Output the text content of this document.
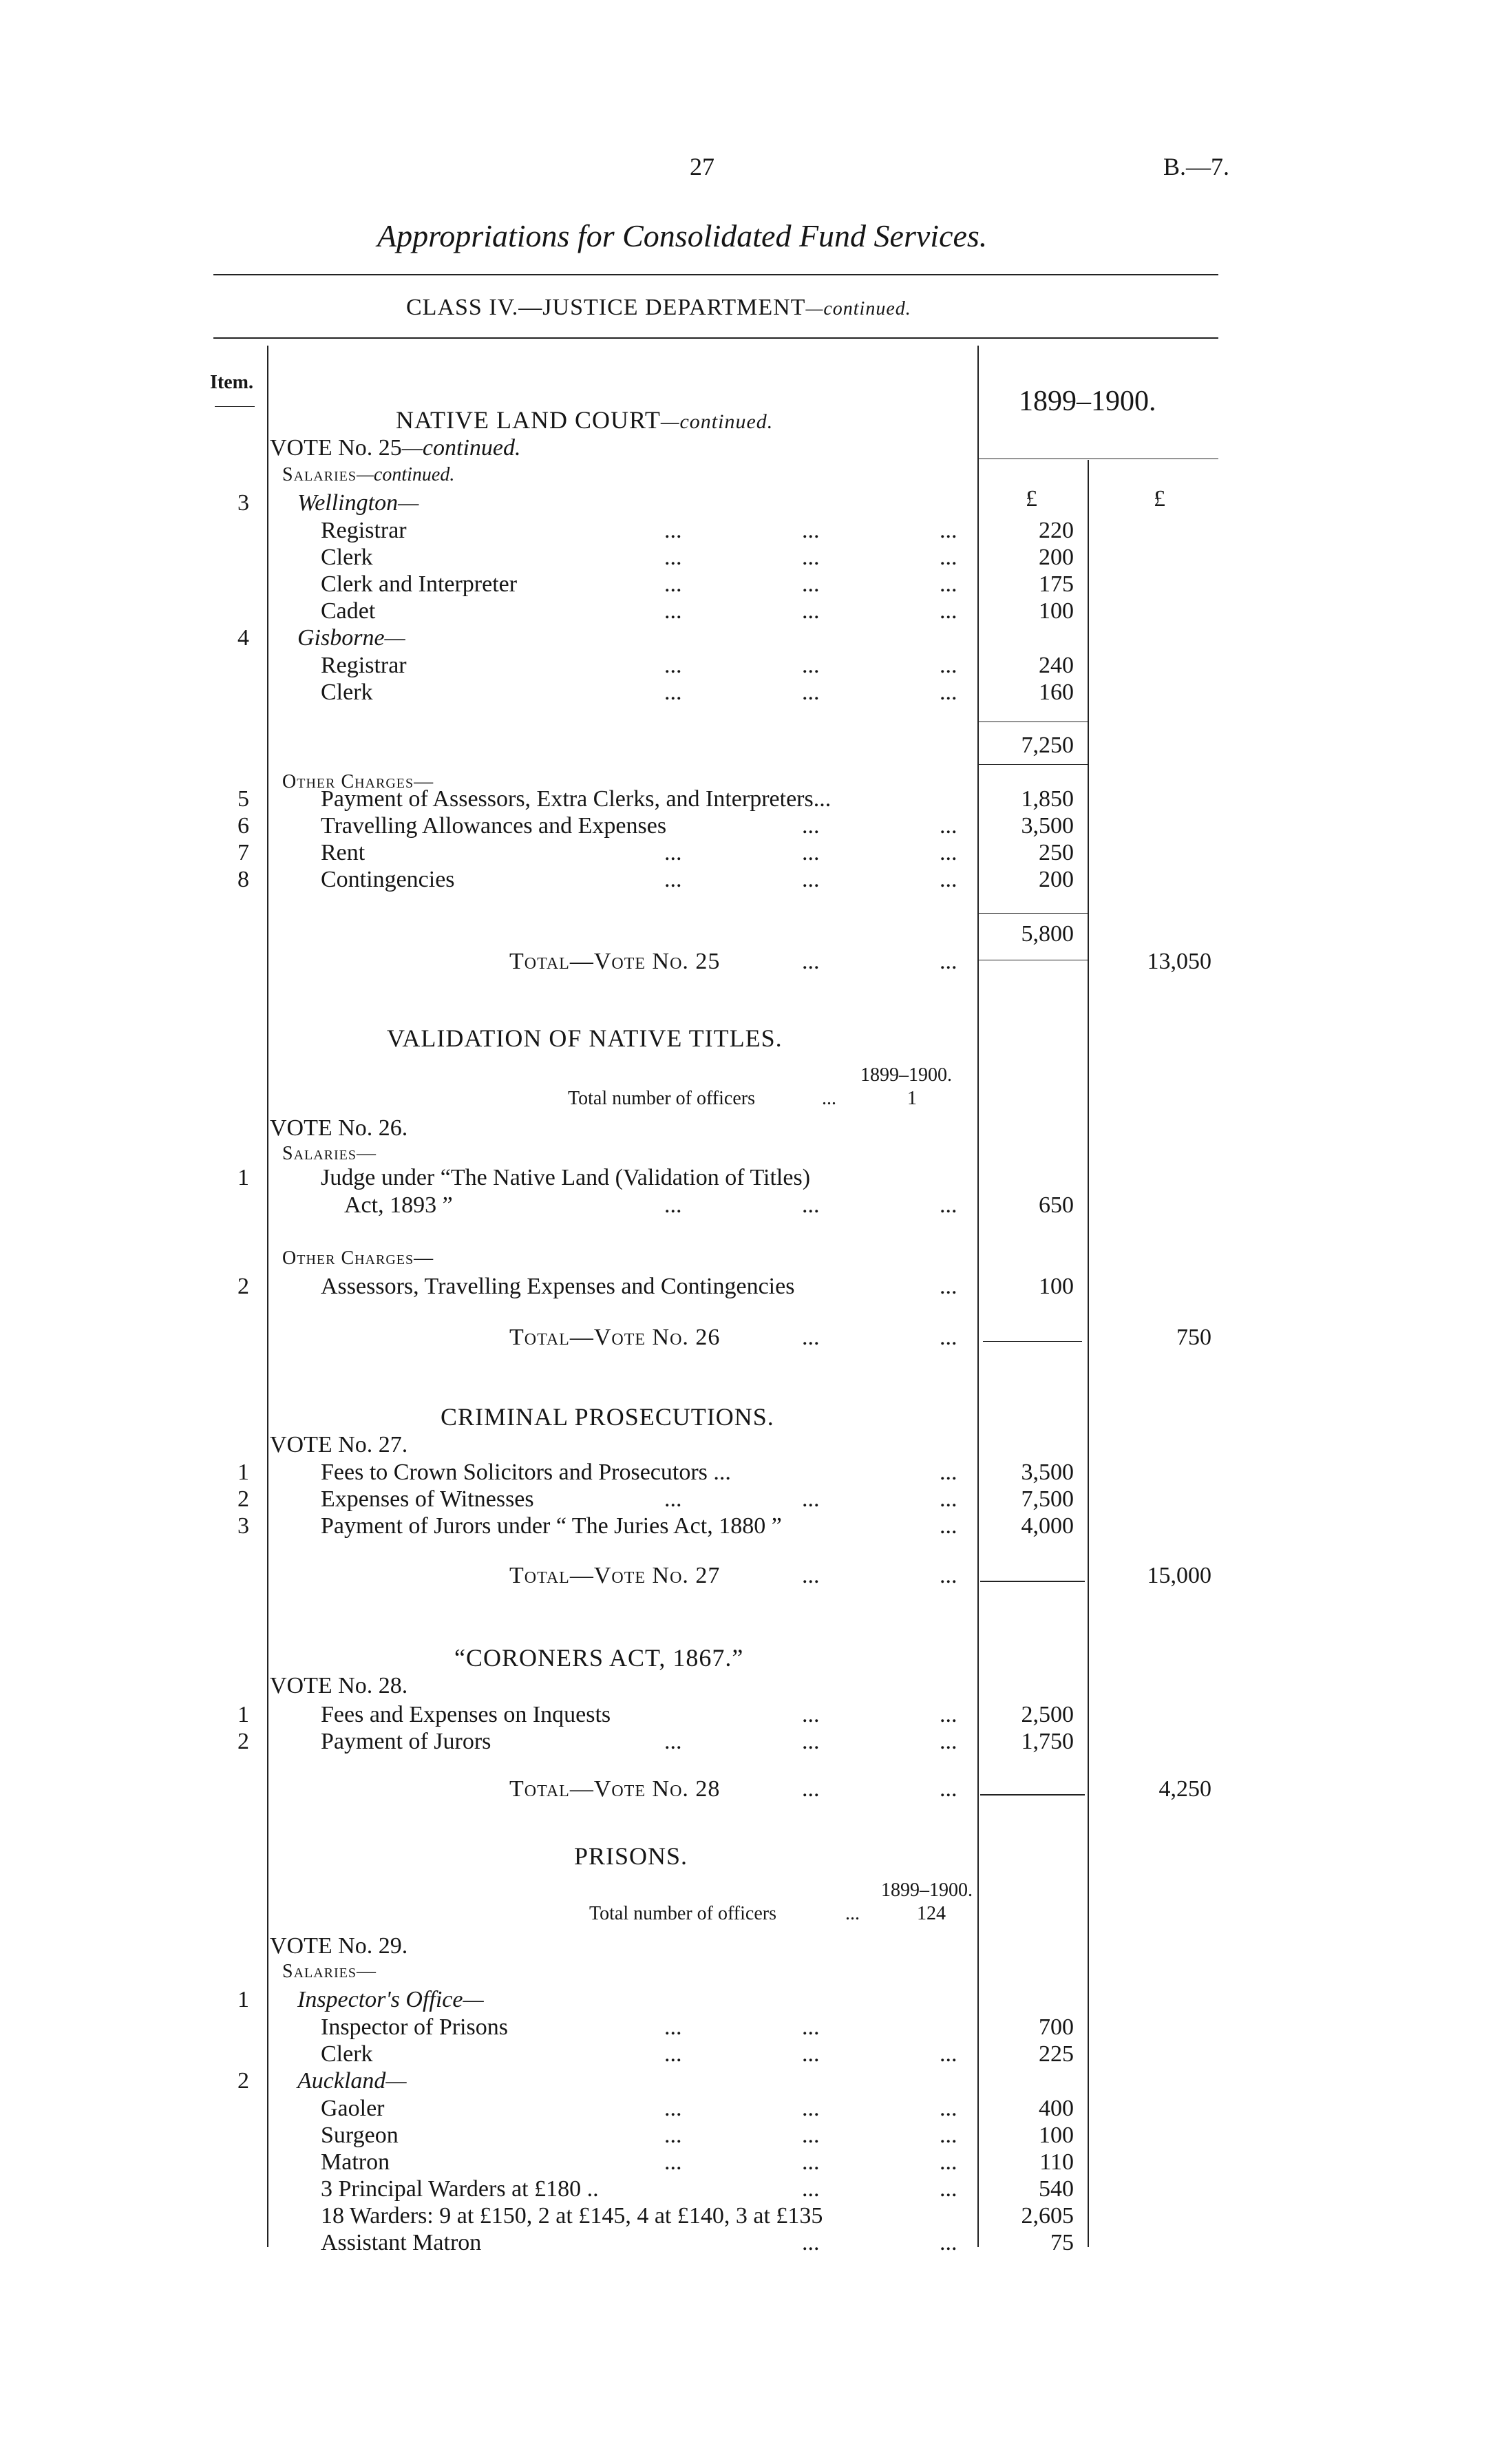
27	B.—7.
Appropriations for Consolidated Fund Services.
CLASS IV.—JUSTICE DEPARTMENT—continued.
Item.
1899–1900.
£	£
NATIVE LAND COURT—continued.
VOTE No. 25—continued.
Salaries—continued.
3 Wellington—
Registrar	...	...	...	220
Clerk	...	...	...	200
Clerk and Interpreter	...	...	...	175
Cadet	...	...	...	100
4 Gisborne—
Registrar	...	...	...	240
Clerk	...	...	...	160
7,250
Other Charges—
5	Payment of Assessors, Extra Clerks, and Interpreters...	1,850
6	Travelling Allowances and Expenses	...	...	3,500
7	Rent	...	...	...	250
8	Contingencies	...	...	...	200
5,800
Total—Vote No. 25	...	...	13,050
VALIDATION OF NATIVE TITLES.
1899–1900.
Total number of officers	...	1
VOTE No. 26.
Salaries—
1	Judge under “The Native Land (Validation of Titles)
Act, 1893 ”	...	...	...	650
Other Charges—
2	Assessors, Travelling Expenses and Contingencies	...	100
Total—Vote No. 26	...	...	750
CRIMINAL PROSECUTIONS.
VOTE No. 27.
1	Fees to Crown Solicitors and Prosecutors ...	...	3,500
2	Expenses of Witnesses	...	...	...	7,500
3	Payment of Jurors under “ The Juries Act, 1880 ”	...	4,000
Total—Vote No. 27	...	...	15,000
“CORONERS ACT, 1867.”
VOTE No. 28.
1	Fees and Expenses on Inquests	...	...	2,500
2	Payment of Jurors	...	...	...	1,750
Total—Vote No. 28	...	...	4,250
PRISONS.
1899–1900.
Total number of officers	...	124
VOTE No. 29.
Salaries—
1 Inspector's Office—
Inspector of Prisons	...	...	700
Clerk	...	...	...	225
2 Auckland—
Gaoler	...	...	...	400
Surgeon	...	...	...	100
Matron	...	...	...	110
3 Principal Warders at £180 ..	...	...	540
18 Warders: 9 at £150, 2 at £145, 4 at £140, 3 at £135	2,605
Assistant Matron	...	...	75
